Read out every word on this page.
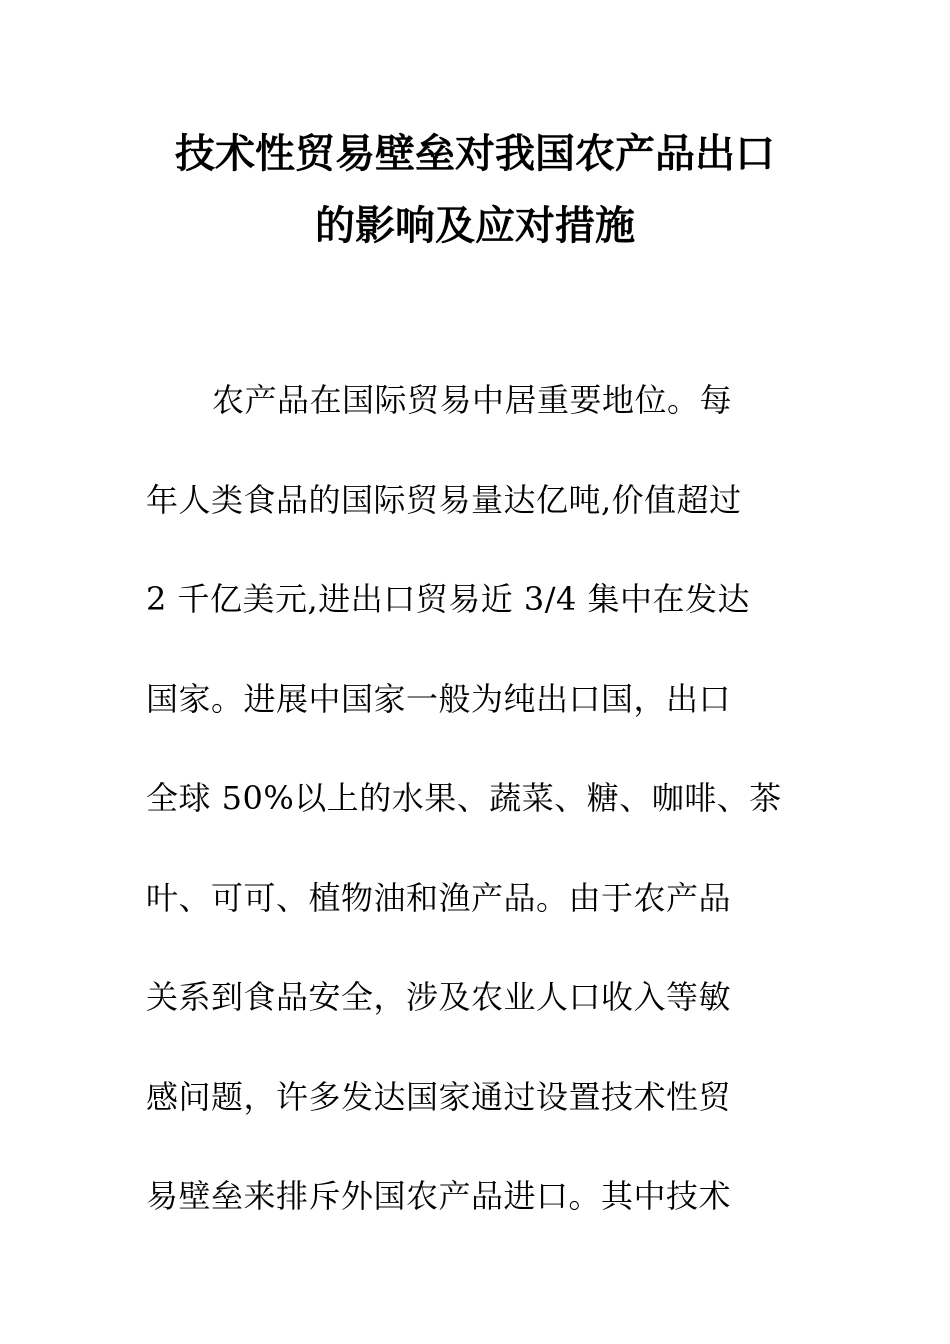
技术性贸易壁垒对我国农产品出口
的影响及应对措施
农产品在国际贸易中居重要地位。每
年人类食品的国际贸易量达亿吨,价值超过
2 千亿美元,进出口贸易近 3/4 集中在发达
国家。进展中国家一般为纯出口国，出口
全球 50%以上的水果、蔬菜、糖、咖啡、茶
叶、可可、植物油和渔产品。由于农产品
关系到食品安全，涉及农业人口收入等敏
感问题，许多发达国家通过设置技术性贸
易壁垒来排斥外国农产品进口。其中技术
